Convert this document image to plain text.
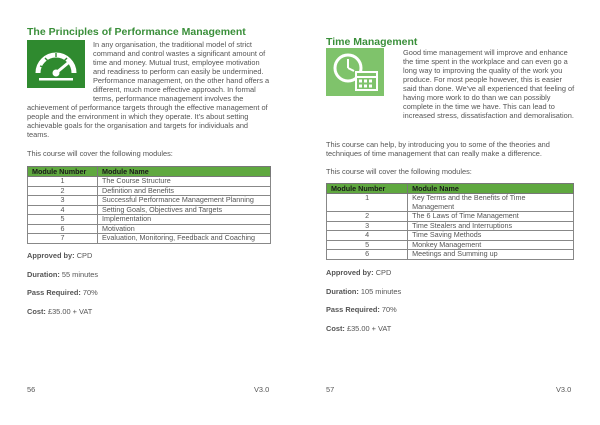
The Principles of Performance Management

In any organisation, the traditional model of strict command and control wastes a significant amount of time and money. Mutual trust, employee motivation and readiness to perform can easily be undermined. Performance management, on the other hand offers a different, much more effective approach. In formal terms, performance management involves the achievement of performance targets through the effective management of people and the environment in which they operate. It’s about setting achievable goals for the organisation and targets for individuals and teams.

This course will cover the following modules:

Module Number	Module Name
1	The Course Structure
2	Definition and Benefits
3	Successful Performance Management Planning
4	Setting Goals, Objectives and Targets
5	Implementation
6	Motivation
7	Evaluation, Monitoring, Feedback and Coaching
Approved by: CPD
Duration: 55 minutes
Pass Required: 70%
Cost: £35.00 + VAT
56	V3.0
Time Management

Good time management will improve and enhance the time spent in the workplace and can even go a long way to improving the quality of the work you produce. For most people however, this is easier said than done. We’ve all experienced that feeling of having more work to do than we can possibly complete in the time we have. This can lead to increased stress, dissatisfaction and demoralisation.

This course can help, by introducing you to some of the theories and techniques of time management that can really make a difference.

This course will cover the following modules:

Module Number	Module Name
1	Key Terms and the Benefits of Time Management
2	The 6 Laws of Time Management
3	Time Stealers and Interruptions
4	Time Saving Methods
5	Monkey Management
6	Meetings and Summing up
Approved by: CPD
Duration: 105 minutes
Pass Required: 70%
Cost: £35.00 + VAT
57	V3.0
